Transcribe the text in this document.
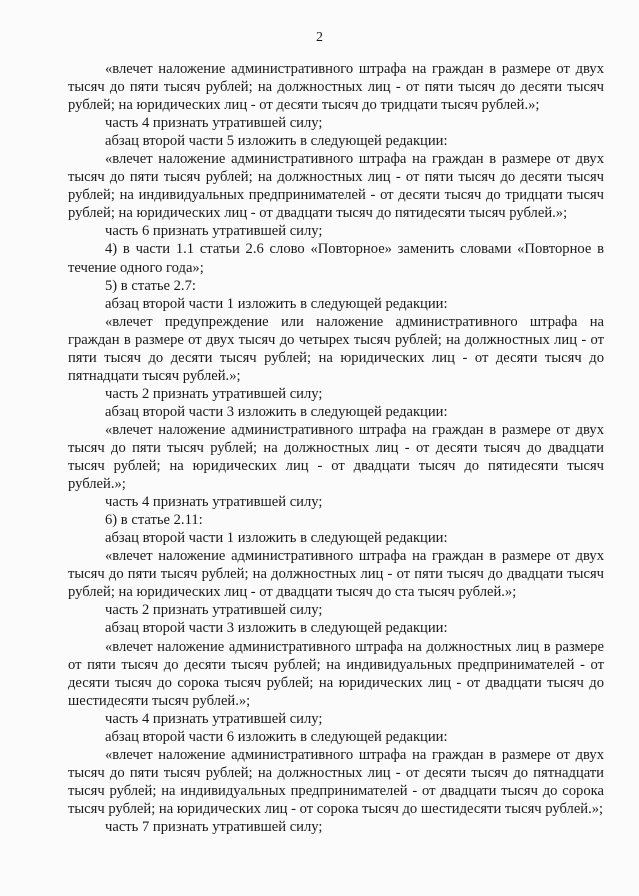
2

«влечет наложение административного штрафа на граждан в размере от двух тысяч до пяти тысяч рублей; на должностных лиц - от пяти тысяч до десяти тысяч рублей; на юридических лиц - от десяти тысяч до тридцати тысяч рублей.»;

часть 4 признать утратившей силу;

абзац второй части 5 изложить в следующей редакции:

«влечет наложение административного штрафа на граждан в размере от двух тысяч до пяти тысяч рублей; на должностных лиц - от пяти тысяч до десяти тысяч рублей; на индивидуальных предпринимателей - от десяти тысяч до тридцати тысяч рублей; на юридических лиц - от двадцати тысяч до пятидесяти тысяч рублей.»;

часть 6 признать утратившей силу;

4) в части 1.1 статьи 2.6 слово «Повторное» заменить словами «Повторное в течение одного года»;

5) в статье 2.7:

абзац второй части 1 изложить в следующей редакции:

«влечет предупреждение или наложение административного штрафа на граждан в размере от двух тысяч до четырех тысяч рублей; на должностных лиц - от пяти тысяч до десяти тысяч рублей; на юридических лиц - от десяти тысяч до пятнадцати тысяч рублей.»;

часть 2 признать утратившей силу;

абзац второй части 3 изложить в следующей редакции:

«влечет наложение административного штрафа на граждан в размере от двух тысяч до пяти тысяч рублей; на должностных лиц - от десяти тысяч до двадцати тысяч рублей; на юридических лиц - от двадцати тысяч до пятидесяти тысяч рублей.»;

часть 4 признать утратившей силу;

6) в статье 2.11:

абзац второй части 1 изложить в следующей редакции:

«влечет наложение административного штрафа на граждан в размере от двух тысяч до пяти тысяч рублей; на должностных лиц - от пяти тысяч до двадцати тысяч рублей; на юридических лиц - от двадцати тысяч до ста тысяч рублей.»;

часть 2 признать утратившей силу;

абзац второй части 3 изложить в следующей редакции:

«влечет наложение административного штрафа на должностных лиц в размере от пяти тысяч до десяти тысяч рублей; на индивидуальных предпринимателей - от десяти тысяч до сорока тысяч рублей; на юридических лиц - от двадцати тысяч до шестидесяти тысяч рублей.»;

часть 4 признать утратившей силу;

абзац второй части 6 изложить в следующей редакции:

«влечет наложение административного штрафа на граждан в размере от двух тысяч до пяти тысяч рублей; на должностных лиц - от десяти тысяч до пятнадцати тысяч рублей; на индивидуальных предпринимателей - от двадцати тысяч до сорока тысяч рублей; на юридических лиц - от сорока тысяч до шестидесяти тысяч рублей.»;

часть 7 признать утратившей силу;
